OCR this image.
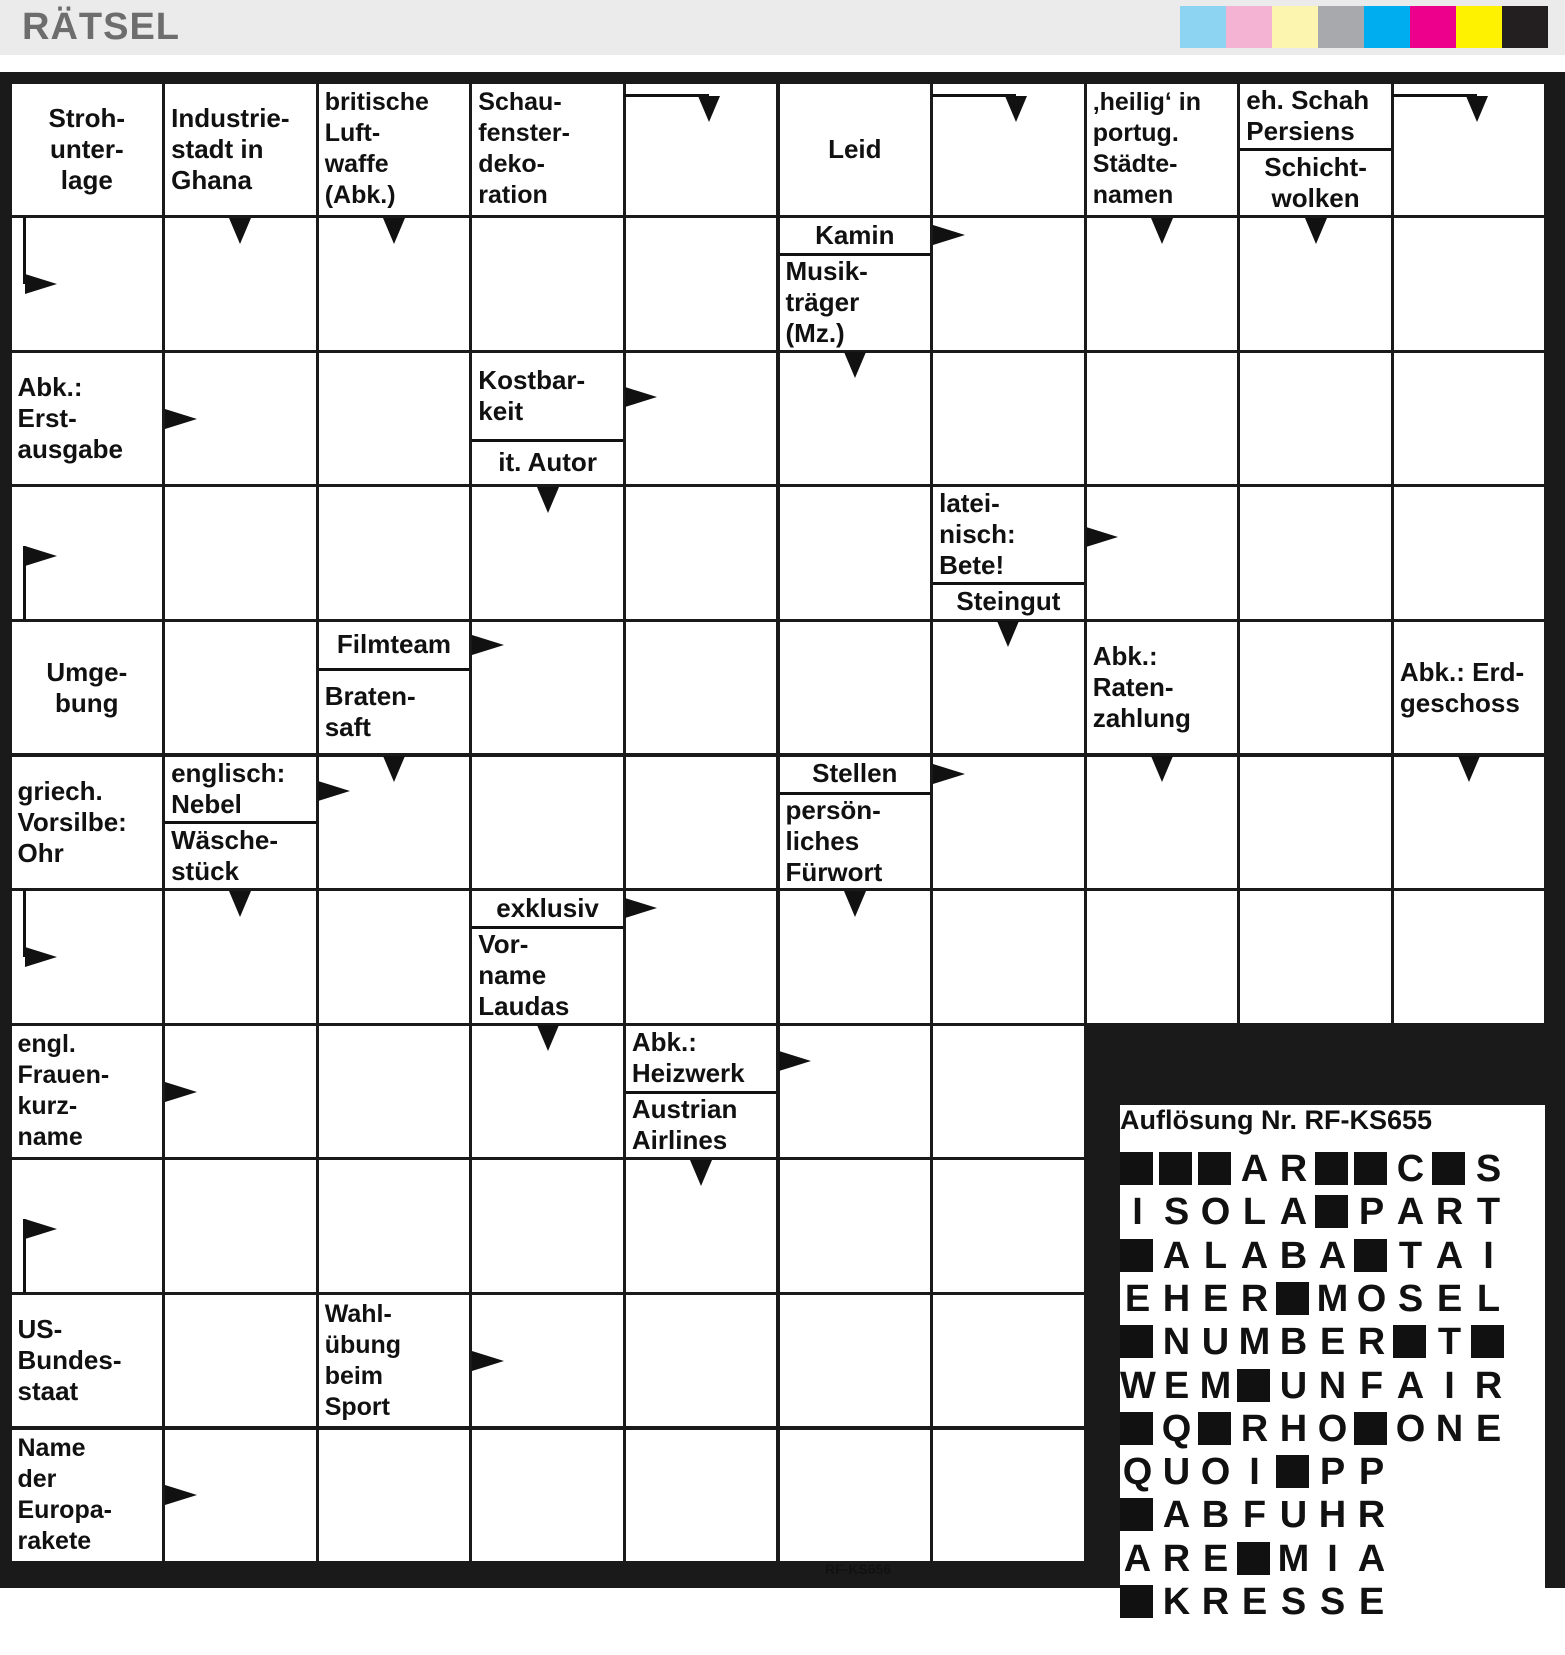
RÄTSEL
Stroh-
unter-
lage
Industrie-
stadt in
Ghana
britische
Luft-
waffe
(Abk.)
Schau-
fenster-
deko-
ration
Leid
‚heilig‘ in
portug.
Städte-
namen
eh. Schah
Persiens
Schicht-
wolken
Kamin
Musik-
träger
(Mz.)
Abk.:
Erst-
ausgabe
Kostbar-
keit
it. Autor
latei-
nisch:
Bete!
Steingut
Umge-
bung
Filmteam
Braten-
saft
Abk.:
Raten-
zahlung
Abk.: Erd-
geschoss
griech.
Vorsilbe:
Ohr
englisch:
Nebel
Wäsche-
stück
Stellen
persön-
liches
Fürwort
exklusiv
Vor-
name
Laudas
engl.
Frauen-
kurz-
name
Abk.:
Heizwerk
Austrian
Airlines
US-
Bundes-
staat
Wahl-
übung
beim
Sport
Name
der
Europa-
rakete
Auflösung Nr. RF-KS655
A R C S
I S O L A P A R T
A L A B A T A I
E H E R M O S E L
N U M B E R T
W E M U N F A I R
Q R H O O N E
Q U O I	P P
A B F U H R
A R E M I A
K R E S S E
RF-KS656
